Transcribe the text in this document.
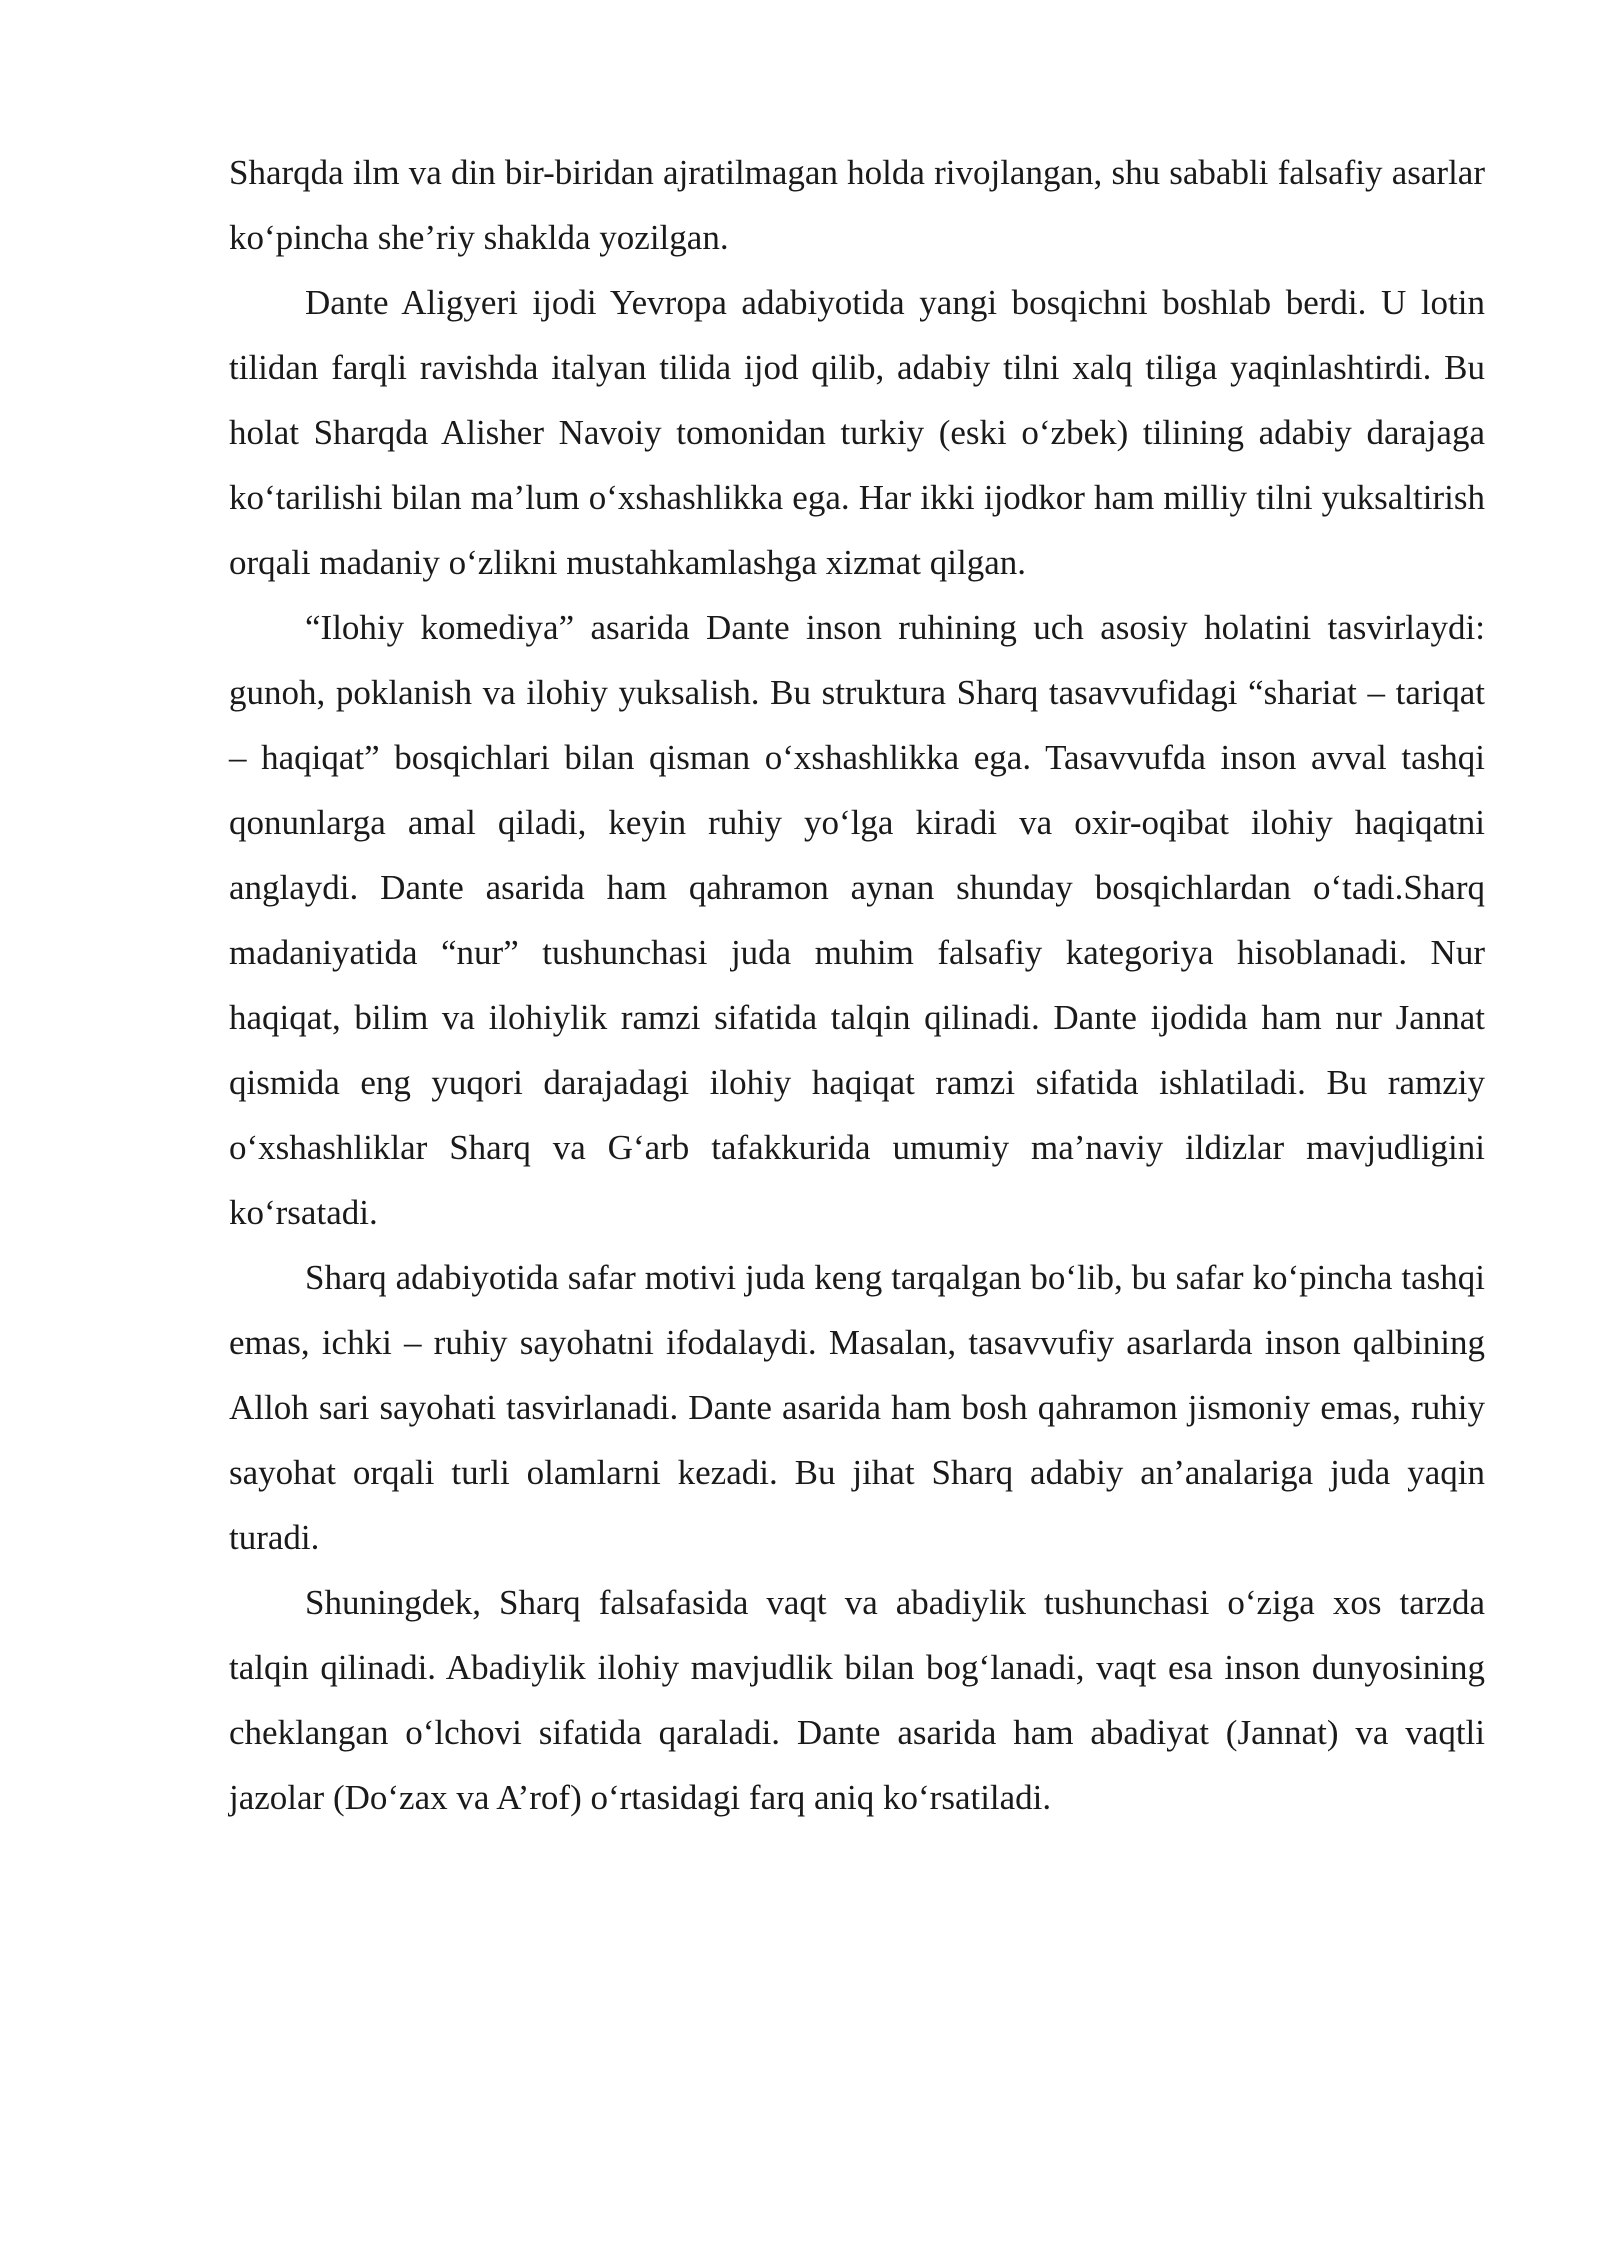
Sharqda ilm va din bir-biridan ajratilmagan holda rivojlangan, shu sababli falsafiy asarlar ko‘pincha she’riy shaklda yozilgan.

Dante Aligyeri ijodi Yevropa adabiyotida yangi bosqichni boshlab berdi. U lotin tilidan farqli ravishda italyan tilida ijod qilib, adabiy tilni xalq tiliga yaqinlashtirdi. Bu holat Sharqda Alisher Navoiy tomonidan turkiy (eski o‘zbek) tilining adabiy darajaga ko‘tarilishi bilan ma’lum o‘xshashlikka ega. Har ikki ijodkor ham milliy tilni yuksaltirish orqali madaniy o‘zlikni mustahkamlashga xizmat qilgan.

“Ilohiy komediya” asarida Dante inson ruhining uch asosiy holatini tasvirlaydi: gunoh, poklanish va ilohiy yuksalish. Bu struktura Sharq tasavvufidagi “shariat – tariqat – haqiqat” bosqichlari bilan qisman o‘xshashlikka ega. Tasavvufda inson avval tashqi qonunlarga amal qiladi, keyin ruhiy yo‘lga kiradi va oxir-oqibat ilohiy haqiqatni anglaydi. Dante asarida ham qahramon aynan shunday bosqichlardan o‘tadi.Sharq madaniyatida “nur” tushunchasi juda muhim falsafiy kategoriya hisoblanadi. Nur haqiqat, bilim va ilohiylik ramzi sifatida talqin qilinadi. Dante ijodida ham nur Jannat qismida eng yuqori darajadagi ilohiy haqiqat ramzi sifatida ishlatiladi. Bu ramziy o‘xshashliklar Sharq va G‘arb tafakkurida umumiy ma’naviy ildizlar mavjudligini ko‘rsatadi.

Sharq adabiyotida safar motivi juda keng tarqalgan bo‘lib, bu safar ko‘pincha tashqi emas, ichki – ruhiy sayohatni ifodalaydi. Masalan, tasavvufiy asarlarda inson qalbining Alloh sari sayohati tasvirlanadi. Dante asarida ham bosh qahramon jismoniy emas, ruhiy sayohat orqali turli olamlarni kezadi. Bu jihat Sharq adabiy an’analariga juda yaqin turadi.

Shuningdek, Sharq falsafasida vaqt va abadiylik tushunchasi o‘ziga xos tarzda talqin qilinadi. Abadiylik ilohiy mavjudlik bilan bog‘lanadi, vaqt esa inson dunyosining cheklangan o‘lchovi sifatida qaraladi. Dante asarida ham abadiyat (Jannat) va vaqtli jazolar (Do‘zax va A’rof) o‘rtasidagi farq aniq ko‘rsatiladi.
